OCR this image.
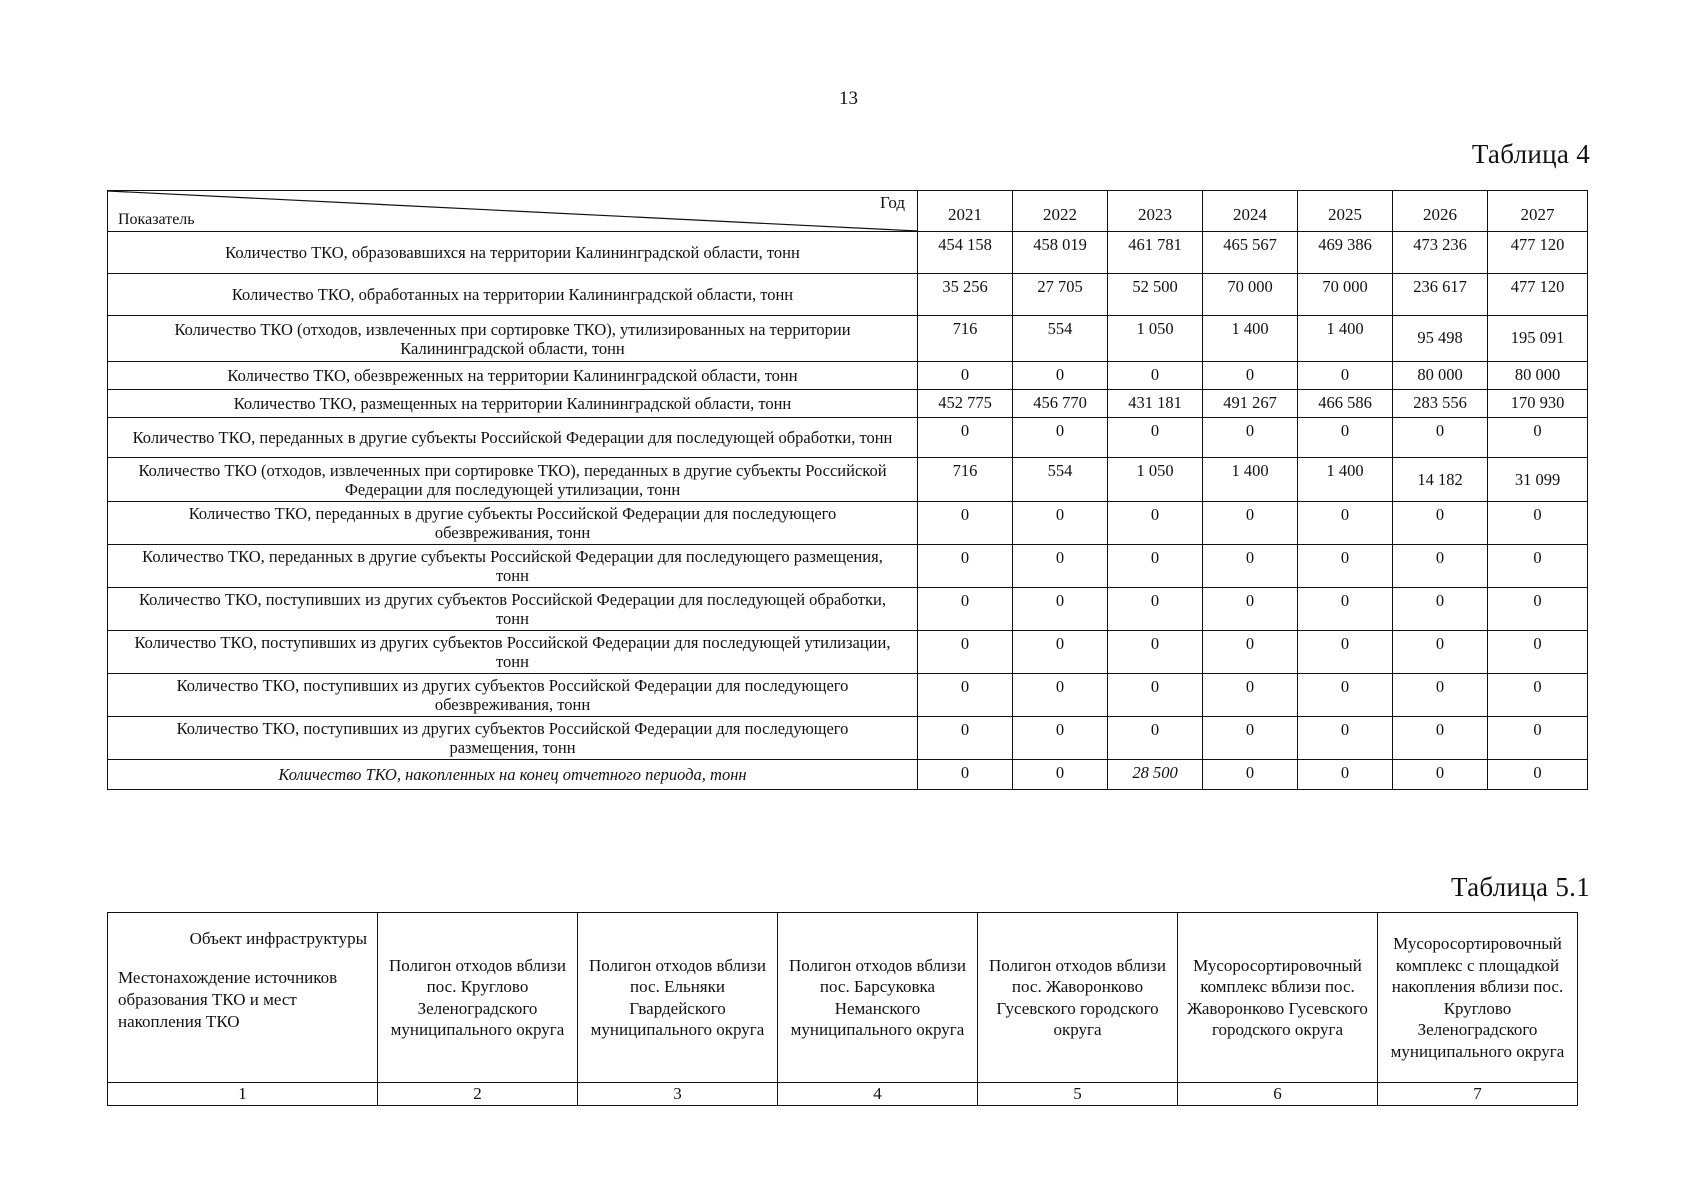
13
Таблица 4
Год
Показатель	2021	2022	2023	2024	2025	2026	2027
Количество ТКО, образовавшихся на территории Калининградской области, тонн	454 158	458 019	461 781	465 567	469 386	473 236	477 120
Количество ТКО, обработанных на территории Калининградской области, тонн	35 256	27 705	52 500	70 000	70 000	236 617	477 120
Количество ТКО (отходов, извлеченных при сортировке ТКО), утилизированных на территории Калининградской области, тонн	716	554	1 050	1 400	1 400	95 498	195 091
Количество ТКО, обезвреженных на территории Калининградской области, тонн	0	0	0	0	0	80 000	80 000
Количество ТКО, размещенных на территории Калининградской области, тонн	452 775	456 770	431 181	491 267	466 586	283 556	170 930
Количество ТКО, переданных в другие субъекты Российской Федерации для последующей обработки, тонн	0	0	0	0	0	0	0
Количество ТКО (отходов, извлеченных при сортировке ТКО), переданных в другие субъекты Российской Федерации для последующей утилизации, тонн	716	554	1 050	1 400	1 400	14 182	31 099
Количество ТКО, переданных в другие субъекты Российской Федерации для последующего обезвреживания, тонн	0	0	0	0	0	0	0
Количество ТКО, переданных в другие субъекты Российской Федерации для последующего размещения, тонн	0	0	0	0	0	0	0
Количество ТКО, поступивших из других субъектов Российской Федерации для последующей обработки, тонн	0	0	0	0	0	0	0
Количество ТКО, поступивших из других субъектов Российской Федерации для последующей утилизации, тонн	0	0	0	0	0	0	0
Количество ТКО, поступивших из других субъектов Российской Федерации для последующего обезвреживания, тонн	0	0	0	0	0	0	0
Количество ТКО, поступивших из других субъектов Российской Федерации для последующего размещения, тонн	0	0	0	0	0	0	0
Количество ТКО, накопленных на конец отчетного периода, тонн	0	0	28 500	0	0	0	0
Таблица 5.1
Объект инфраструктуры
Местонахождение источников образования ТКО и мест накопления ТКО	Полигон отходов вблизи пос. Круглово Зеленоградского муниципального округа	Полигон отходов вблизи пос. Ельняки Гвардейского муниципального округа	Полигон отходов вблизи пос. Барсуковка Неманского муниципального округа	Полигон отходов вблизи пос. Жаворонково Гусевского городского округа	Мусоросортировочный комплекс вблизи пос. Жаворонково Гусевского городского округа	Мусоросортировочный комплекс с площадкой накопления вблизи пос. Круглово Зеленоградского муниципального округа
1	2	3	4	5	6	7
